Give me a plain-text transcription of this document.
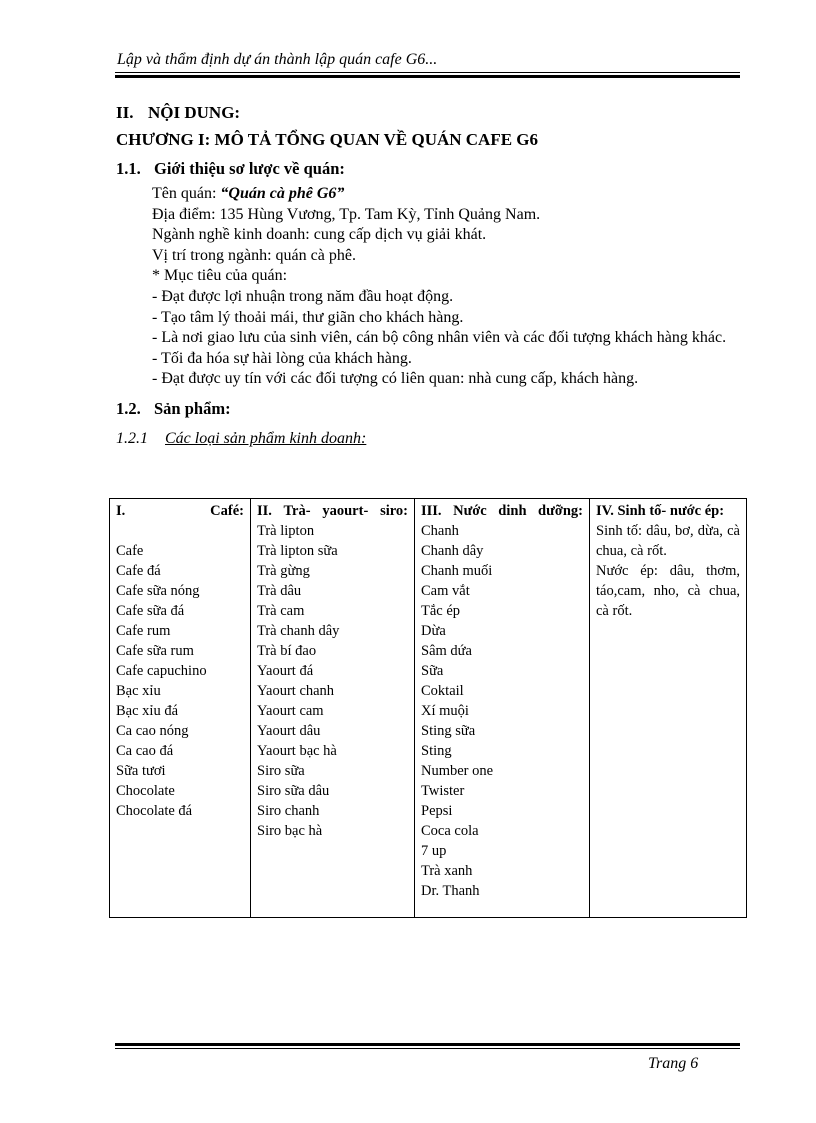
Lập và thẩm định dự án thành lập quán cafe G6...

II. NỘI DUNG:

CHƯƠNG I: MÔ TẢ TỔNG QUAN VỀ QUÁN CAFE G6

1.1. Giới thiệu sơ lược về quán:

Tên quán: “Quán cà phê G6”

Địa điểm: 135 Hùng Vương, Tp. Tam Kỳ, Tỉnh Quảng Nam.

Ngành nghề kinh doanh: cung cấp dịch vụ giải khát.

Vị trí trong ngành: quán cà phê.

* Mục tiêu của quán:

- Đạt được lợi nhuận trong năm đầu hoạt động.

- Tạo tâm lý thoải mái, thư giãn cho khách hàng.

- Là nơi giao lưu của sinh viên, cán bộ công nhân viên và các đối tượng khách hàng khác.

- Tối đa hóa sự hài lòng của khách hàng.

- Đạt được uy tín với các đối tượng có liên quan: nhà cung cấp, khách hàng.

1.2. Sản phẩm:

1.2.1 Các loại sản phẩm kinh doanh:

I.      Café:
Cafe
Cafe đá
Cafe sữa nóng
Cafe sữa đá
Cafe rum
Cafe sữa rum
Cafe capuchino
Bạc xỉu
Bạc xỉu đá
Ca cao nóng
Ca cao đá
Sữa tươi
Chocolate
Chocolate đá

II. Trà- yaourt- siro:
Trà lipton
Trà lipton sữa
Trà gừng
Trà dâu
Trà cam
Trà chanh dây
Trà bí đao
Yaourt đá
Yaourt chanh
Yaourt cam
Yaourt dâu
Yaourt bạc hà
Siro sữa
Siro sữa dâu
Siro chanh
Siro bạc hà

III. Nước dinh dưỡng:
Chanh
Chanh dây
Chanh muối
Cam vắt
Tắc ép
Dừa
Sâm dứa
Sữa
Coktail
Xí muội
Sting sữa
Sting
Number one
Twister
Pepsi
Coca cola
7 up
Trà xanh
Dr. Thanh

IV. Sinh tố- nước ép:
Sinh tố: dâu, bơ, dừa, cà chua, cà rốt.
Nước ép: dâu, thơm, táo,cam, nho, cà chua, cà rốt.
Trang 6
